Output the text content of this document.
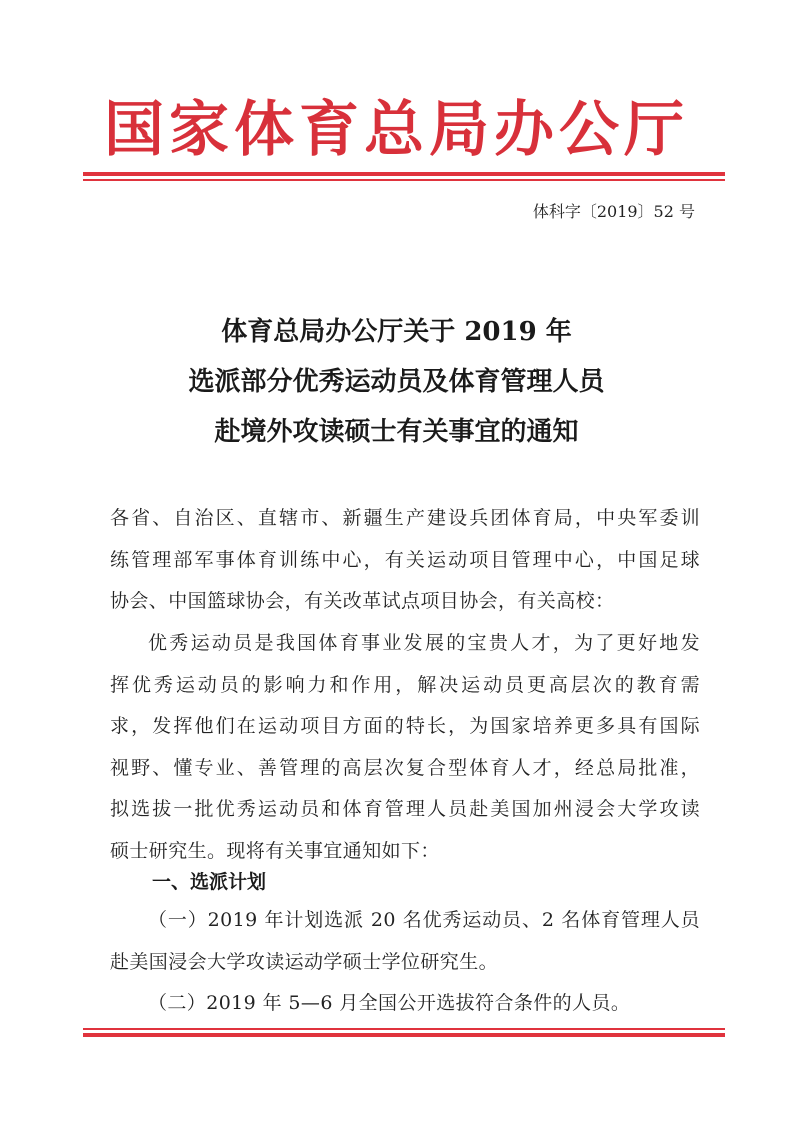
国家体育总局办公厅
体科字〔2019〕52 号
体育总局办公厅关于 2019 年
选派部分优秀运动员及体育管理人员
赴境外攻读硕士有关事宜的通知
各省、自治区、直辖市、新疆生产建设兵团体育局，中央军委训
练管理部军事体育训练中心，有关运动项目管理中心，中国足球
协会、中国篮球协会，有关改革试点项目协会，有关高校：
优秀运动员是我国体育事业发展的宝贵人才，为了更好地发
挥优秀运动员的影响力和作用，解决运动员更高层次的教育需
求，发挥他们在运动项目方面的特长，为国家培养更多具有国际
视野、懂专业、善管理的高层次复合型体育人才，经总局批准，
拟选拔一批优秀运动员和体育管理人员赴美国加州浸会大学攻读
硕士研究生。现将有关事宜通知如下：
一、选派计划
（一）2019 年计划选派 20 名优秀运动员、2 名体育管理人员
赴美国浸会大学攻读运动学硕士学位研究生。
（二）2019 年 5—6 月全国公开选拔符合条件的人员。
